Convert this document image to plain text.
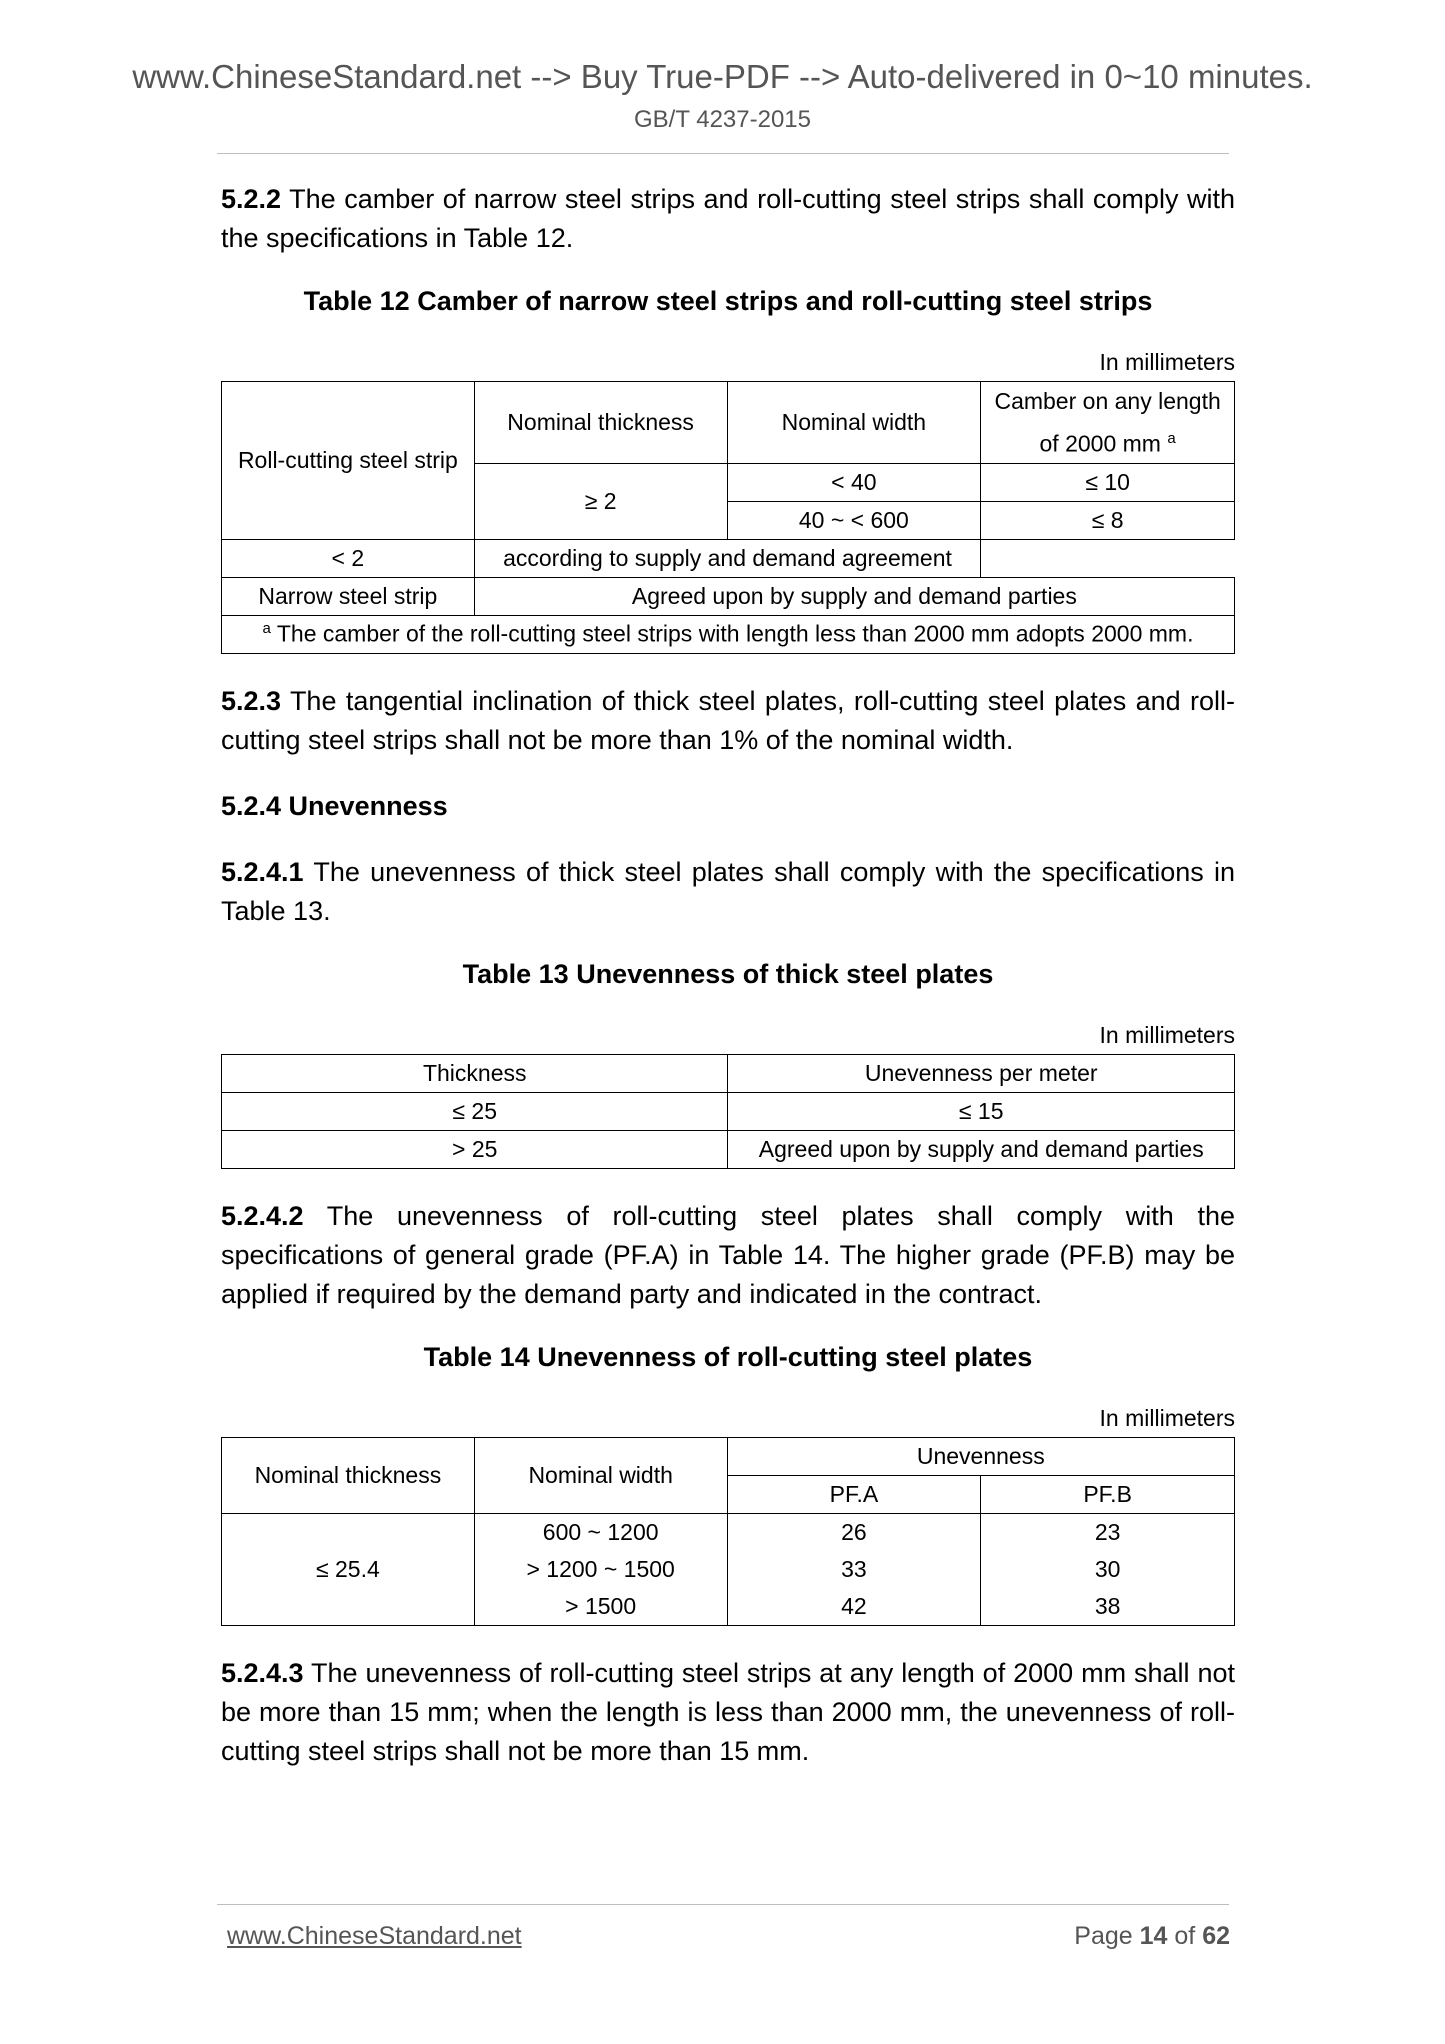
www.ChineseStandard.net --> Buy True-PDF --> Auto-delivered in 0~10 minutes.
GB/T 4237-2015

5.2.2 The camber of narrow steel strips and roll-cutting steel strips shall comply with the specifications in Table 12.

Table 12 Camber of narrow steel strips and roll-cutting steel strips

In millimeters

Roll-cutting steel strip	Nominal thickness	Nominal width	Camber on any length of 2000 mm $^a$

	≥ 2	< 40	≤ 10
		40 ~ < 600	≤ 8
< 2	according to supply and demand agreement		
Narrow steel strip	Agreed upon by supply and demand parties		
$^a$ The camber of the roll-cutting steel strips with length less than 2000 mm adopts 2000 mm.			

5.2.3 The tangential inclination of thick steel plates, roll-cutting steel plates and roll-cutting steel strips shall not be more than 1% of the nominal width.

5.2.4 Unevenness

5.2.4.1 The unevenness of thick steel plates shall comply with the specifications in Table 13.

Table 13 Unevenness of thick steel plates

In millimeters

Thickness	Unevenness per meter
≤ 25	≤ 15
> 25	Agreed upon by supply and demand parties

5.2.4.2 The unevenness of roll-cutting steel plates shall comply with the specifications of general grade (PF.A) in Table 14. The higher grade (PF.B) may be applied if required by the demand party and indicated in the contract.

Table 14 Unevenness of roll-cutting steel plates

In millimeters

Nominal thickness	Nominal width	Unevenness	
		PF.A	PF.B
≤ 25.4	600 ~ 1200	26	23
	> 1200 ~ 1500	33	30
	> 1500	42	38

5.2.4.3 The unevenness of roll-cutting steel strips at any length of 2000 mm shall not be more than 15 mm; when the length is less than 2000 mm, the unevenness of roll-cutting steel strips shall not be more than 15 mm.

www.ChineseStandard.net	Page 14 of 62
